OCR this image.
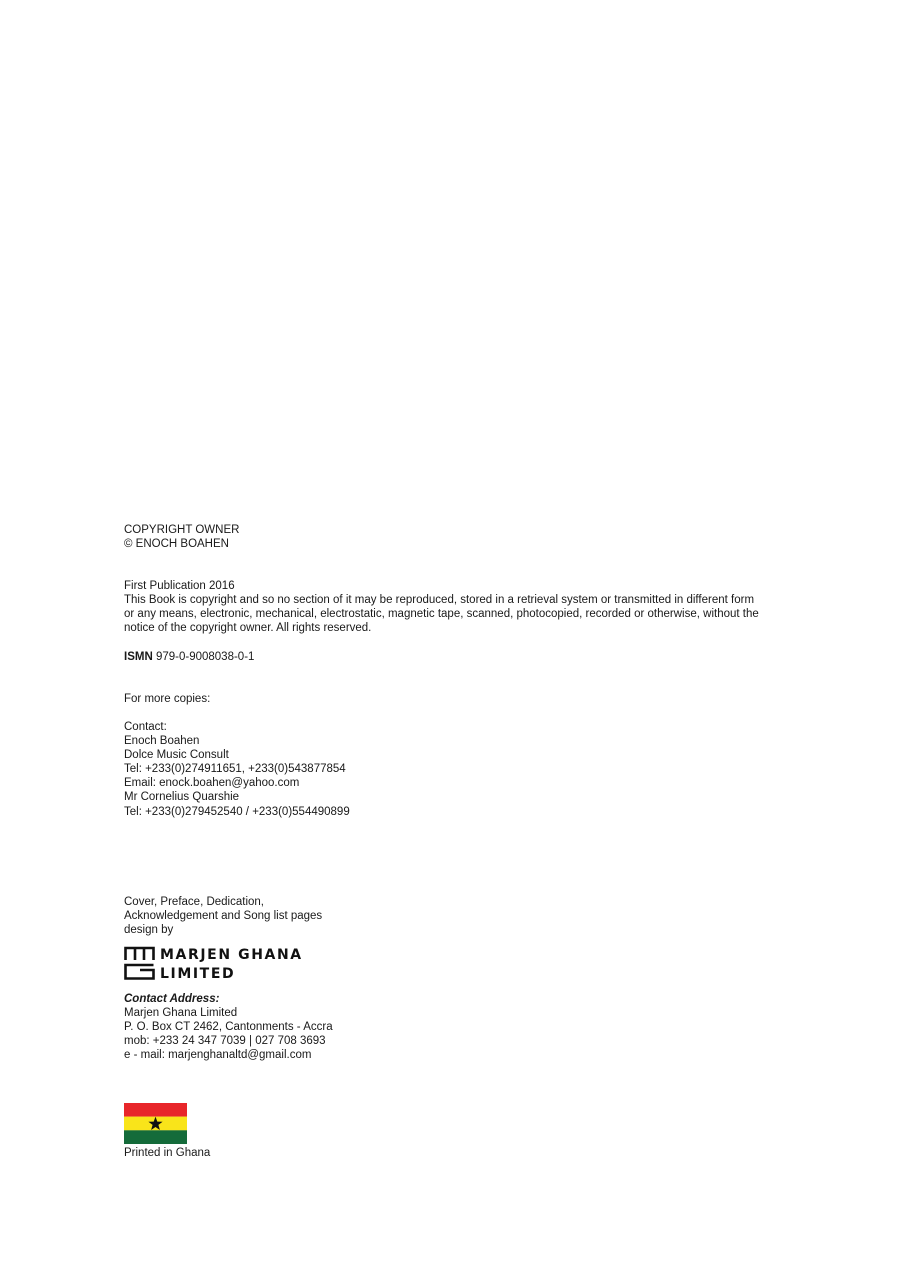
COPYRIGHT OWNER
© ENOCH BOAHEN
First Publication 2016
This Book is copyright and so no section of it may be reproduced, stored in a retrieval system or transmitted in different form
or any means, electronic, mechanical, electrostatic, magnetic tape, scanned, photocopied, recorded or otherwise, without the
notice of the copyright owner. All rights reserved.
ISMN 979-0-9008038-0-1
For more copies:
Contact:
Enoch Boahen
Dolce Music Consult
Tel: +233(0)274911651, +233(0)543877854
Email: enock.boahen@yahoo.com
Mr Cornelius Quarshie
Tel: +233(0)279452540 / +233(0)554490899
Cover, Preface, Dedication,
Acknowledgement and Song list pages
design by
MARJEN GHANA
LIMITED
Contact Address:
Marjen Ghana Limited
P. O. Box CT 2462, Cantonments - Accra
mob: +233 24 347 7039 | 027 708 3693
e - mail: marjenghanaltd@gmail.com
Printed in Ghana
